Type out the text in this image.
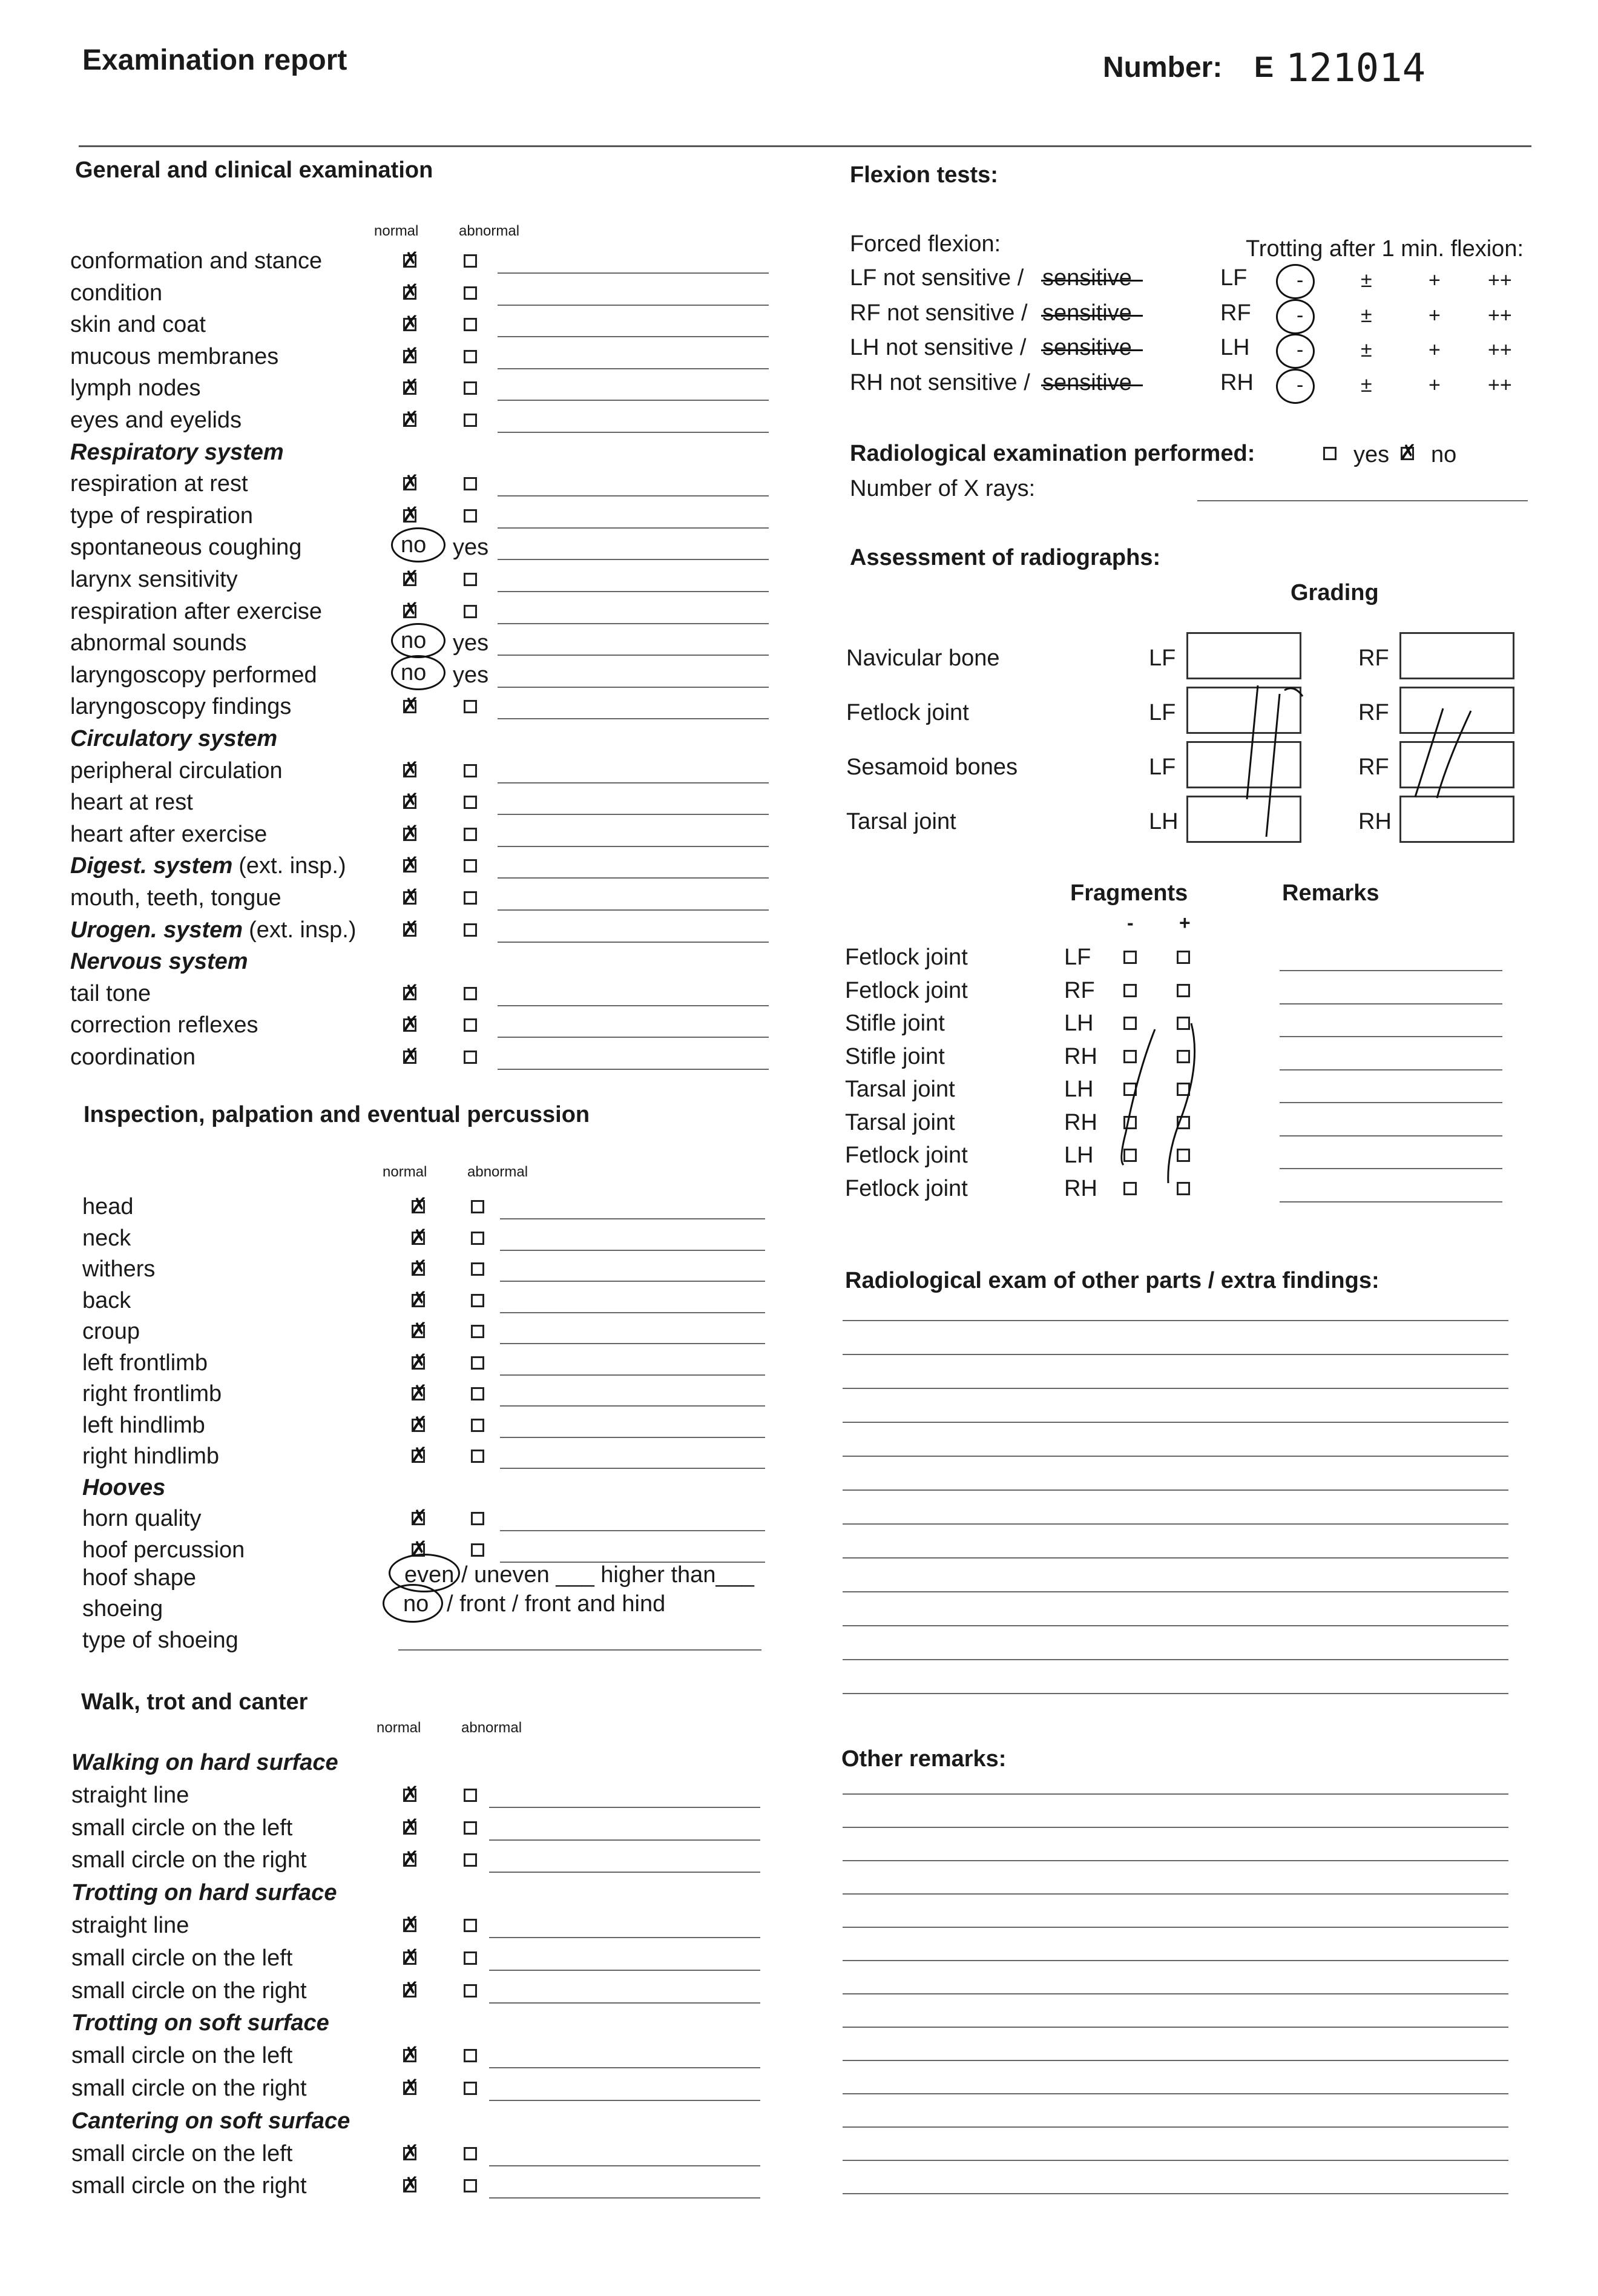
Examination report	Number: E 121014
General and clinical examination
normal	abnormal
conformation and stance	✗
condition	✗
skin and coat	✗
mucous membranes	✗
lymph nodes	✗
eyes and eyelids	✗
Respiratory system
respiration at rest	✗
type of respiration	✗
spontaneous coughing	no yes
larynx sensitivity	✗
respiration after exercise	✗
abnormal sounds	no yes
laryngoscopy performed	no yes
laryngoscopy findings	✗
Circulatory system
peripheral circulation	✗
heart at rest	✗
heart after exercise	✗
Digest. system (ext. insp.)	✗
mouth, teeth, tongue	✗
Urogen. system (ext. insp.) ✗
Nervous system
tail tone	✗
correction reflexes	✗
coordination	✗
Inspection, palpation and eventual percussion
normal	abnormal
head	✗
neck	✗
withers	✗
back	✗
croup	✗
left frontlimb	✗
right frontlimb	✗
left hindlimb	✗
right hindlimb	✗
Hooves
horn quality	✗
hoof percussion	✗
hoof shape	even / uneven ___ higher than___
shoeing	no / front / front and hind
type of shoeing
Walk, trot and canter
normal	abnormal
Walking on hard surface
straight line	✗
small circle on the left	✗
small circle on the right	✗
Trotting on hard surface
straight line	✗
small circle on the left	✗
small circle on the right	✗
Trotting on soft surface
small circle on the left	✗
small circle on the right	✗
Cantering on soft surface
small circle on the left	✗
small circle on the right	✗
Flexion tests:
Forced flexion:	Trotting after 1 min. flexion:
LF not sensitive / sensitive	LF -	±	+ ++
RF not sensitive / sensitive	RF -	±	+ ++
LH not sensitive / sensitive	LH -	±	+ ++
RH not sensitive / sensitive	RH -	±	+ ++
Radiological examination performed:	yes ✗ no
Number of X rays:
Assessment of radiographs:
Grading
Navicular bone	LF	RF
Fetlock joint	LF	RF
Sesamoid bones	LF	RF
Tarsal joint	LH	RH
Fragments	Remarks
- +
Fetlock joint	LF
Fetlock joint	RF
Stifle joint	LH
Stifle joint	RH
Tarsal joint	LH
Tarsal joint	RH
Fetlock joint	LH
Fetlock joint	RH
Radiological exam of other parts / extra findings:
Other remarks:
